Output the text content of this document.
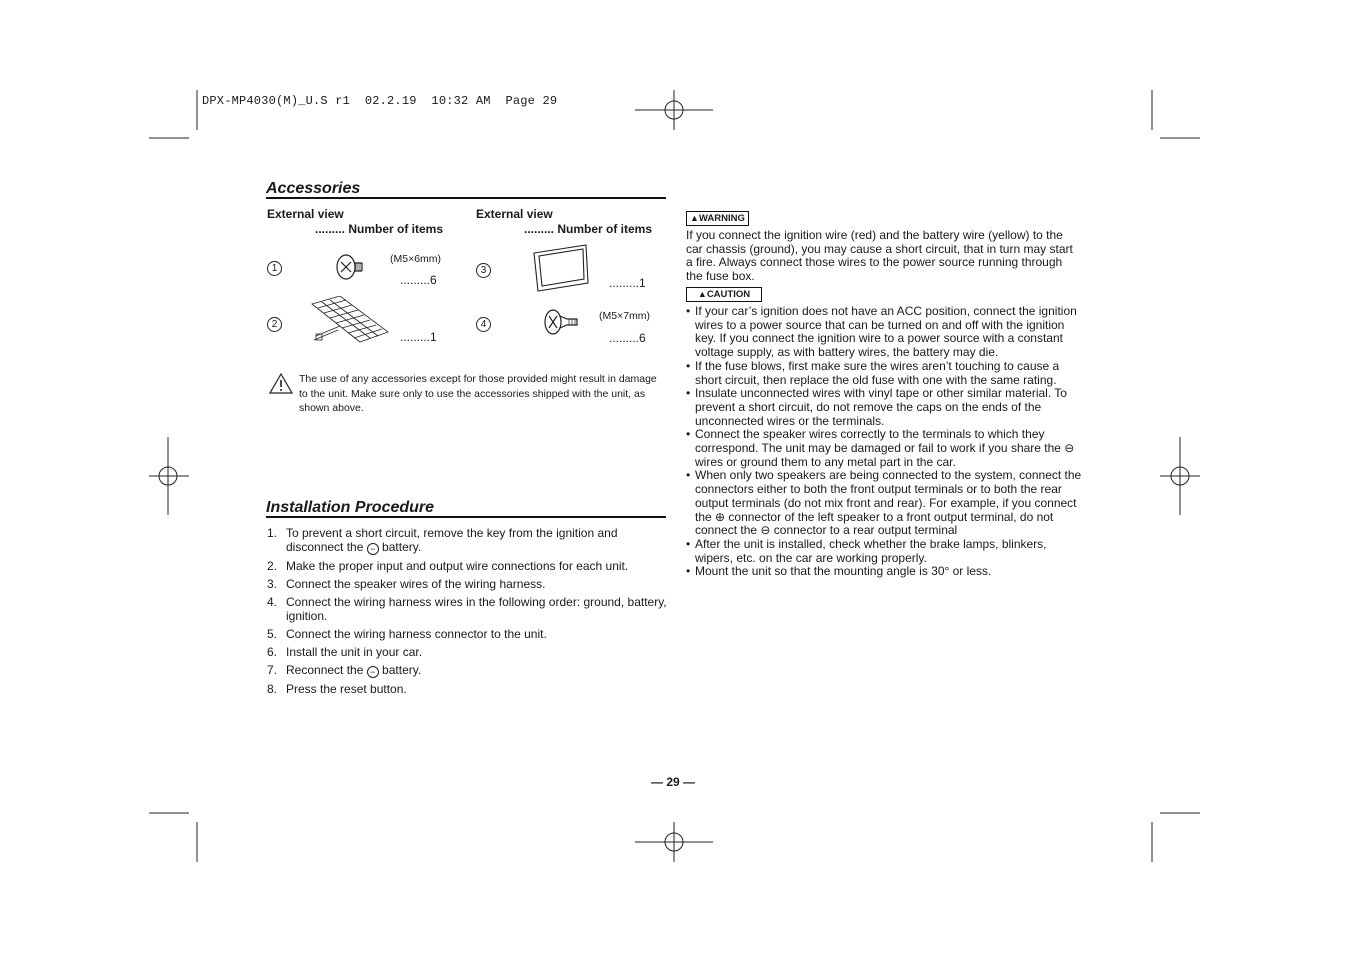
DPX-MP4030(M)_U.S r1  02.2.19  10:32 AM  Page 29
Accessories
External view
......... Number of items
External view
......... Number of items
1
(M5×6mm)
.........6
2
.........1
3
.........1
4
(M5×7mm)
.........6
The use of any accessories except for those provided might result in damage to the unit. Make sure only to use the accessories shipped with the unit, as shown above.
Installation Procedure
1. To prevent a short circuit, remove the key from the ignition and disconnect the − battery.
2. Make the proper input and output wire connections for each unit.
3. Connect the speaker wires of the wiring harness.
4. Connect the wiring harness wires in the following order: ground, battery, ignition.
5. Connect the wiring harness connector to the unit.
6. Install the unit in your car.
7. Reconnect the − battery.
8. Press the reset button.
▲WARNING
If you connect the ignition wire (red) and the battery wire (yellow) to the car chassis (ground), you may cause a short circuit, that in turn may start a fire. Always connect those wires to the power source running through the fuse box.
▲CAUTION
• If your car’s ignition does not have an ACC position, connect the ignition wires to a power source that can be turned on and off with the ignition key. If you connect the ignition wire to a power source with a constant voltage supply, as with battery wires, the battery may die.
• If the fuse blows, first make sure the wires aren’t touching to cause a short circuit, then replace the old fuse with one with the same rating.
• Insulate unconnected wires with vinyl tape or other similar material. To prevent a short circuit, do not remove the caps on the ends of the unconnected wires or the terminals.
• Connect the speaker wires correctly to the terminals to which they correspond. The unit may be damaged or fail to work if you share the ⊖ wires or ground them to any metal part in the car.
• When only two speakers are being connected to the system, connect the connectors either to both the front output terminals or to both the rear output terminals (do not mix front and rear). For example, if you connect the ⊕ connector of the left speaker to a front output terminal, do not connect the ⊖ connector to a rear output terminal
• After the unit is installed, check whether the brake lamps, blinkers, wipers, etc. on the car are working properly.
• Mount the unit so that the mounting angle is 30° or less.
— 29 —
